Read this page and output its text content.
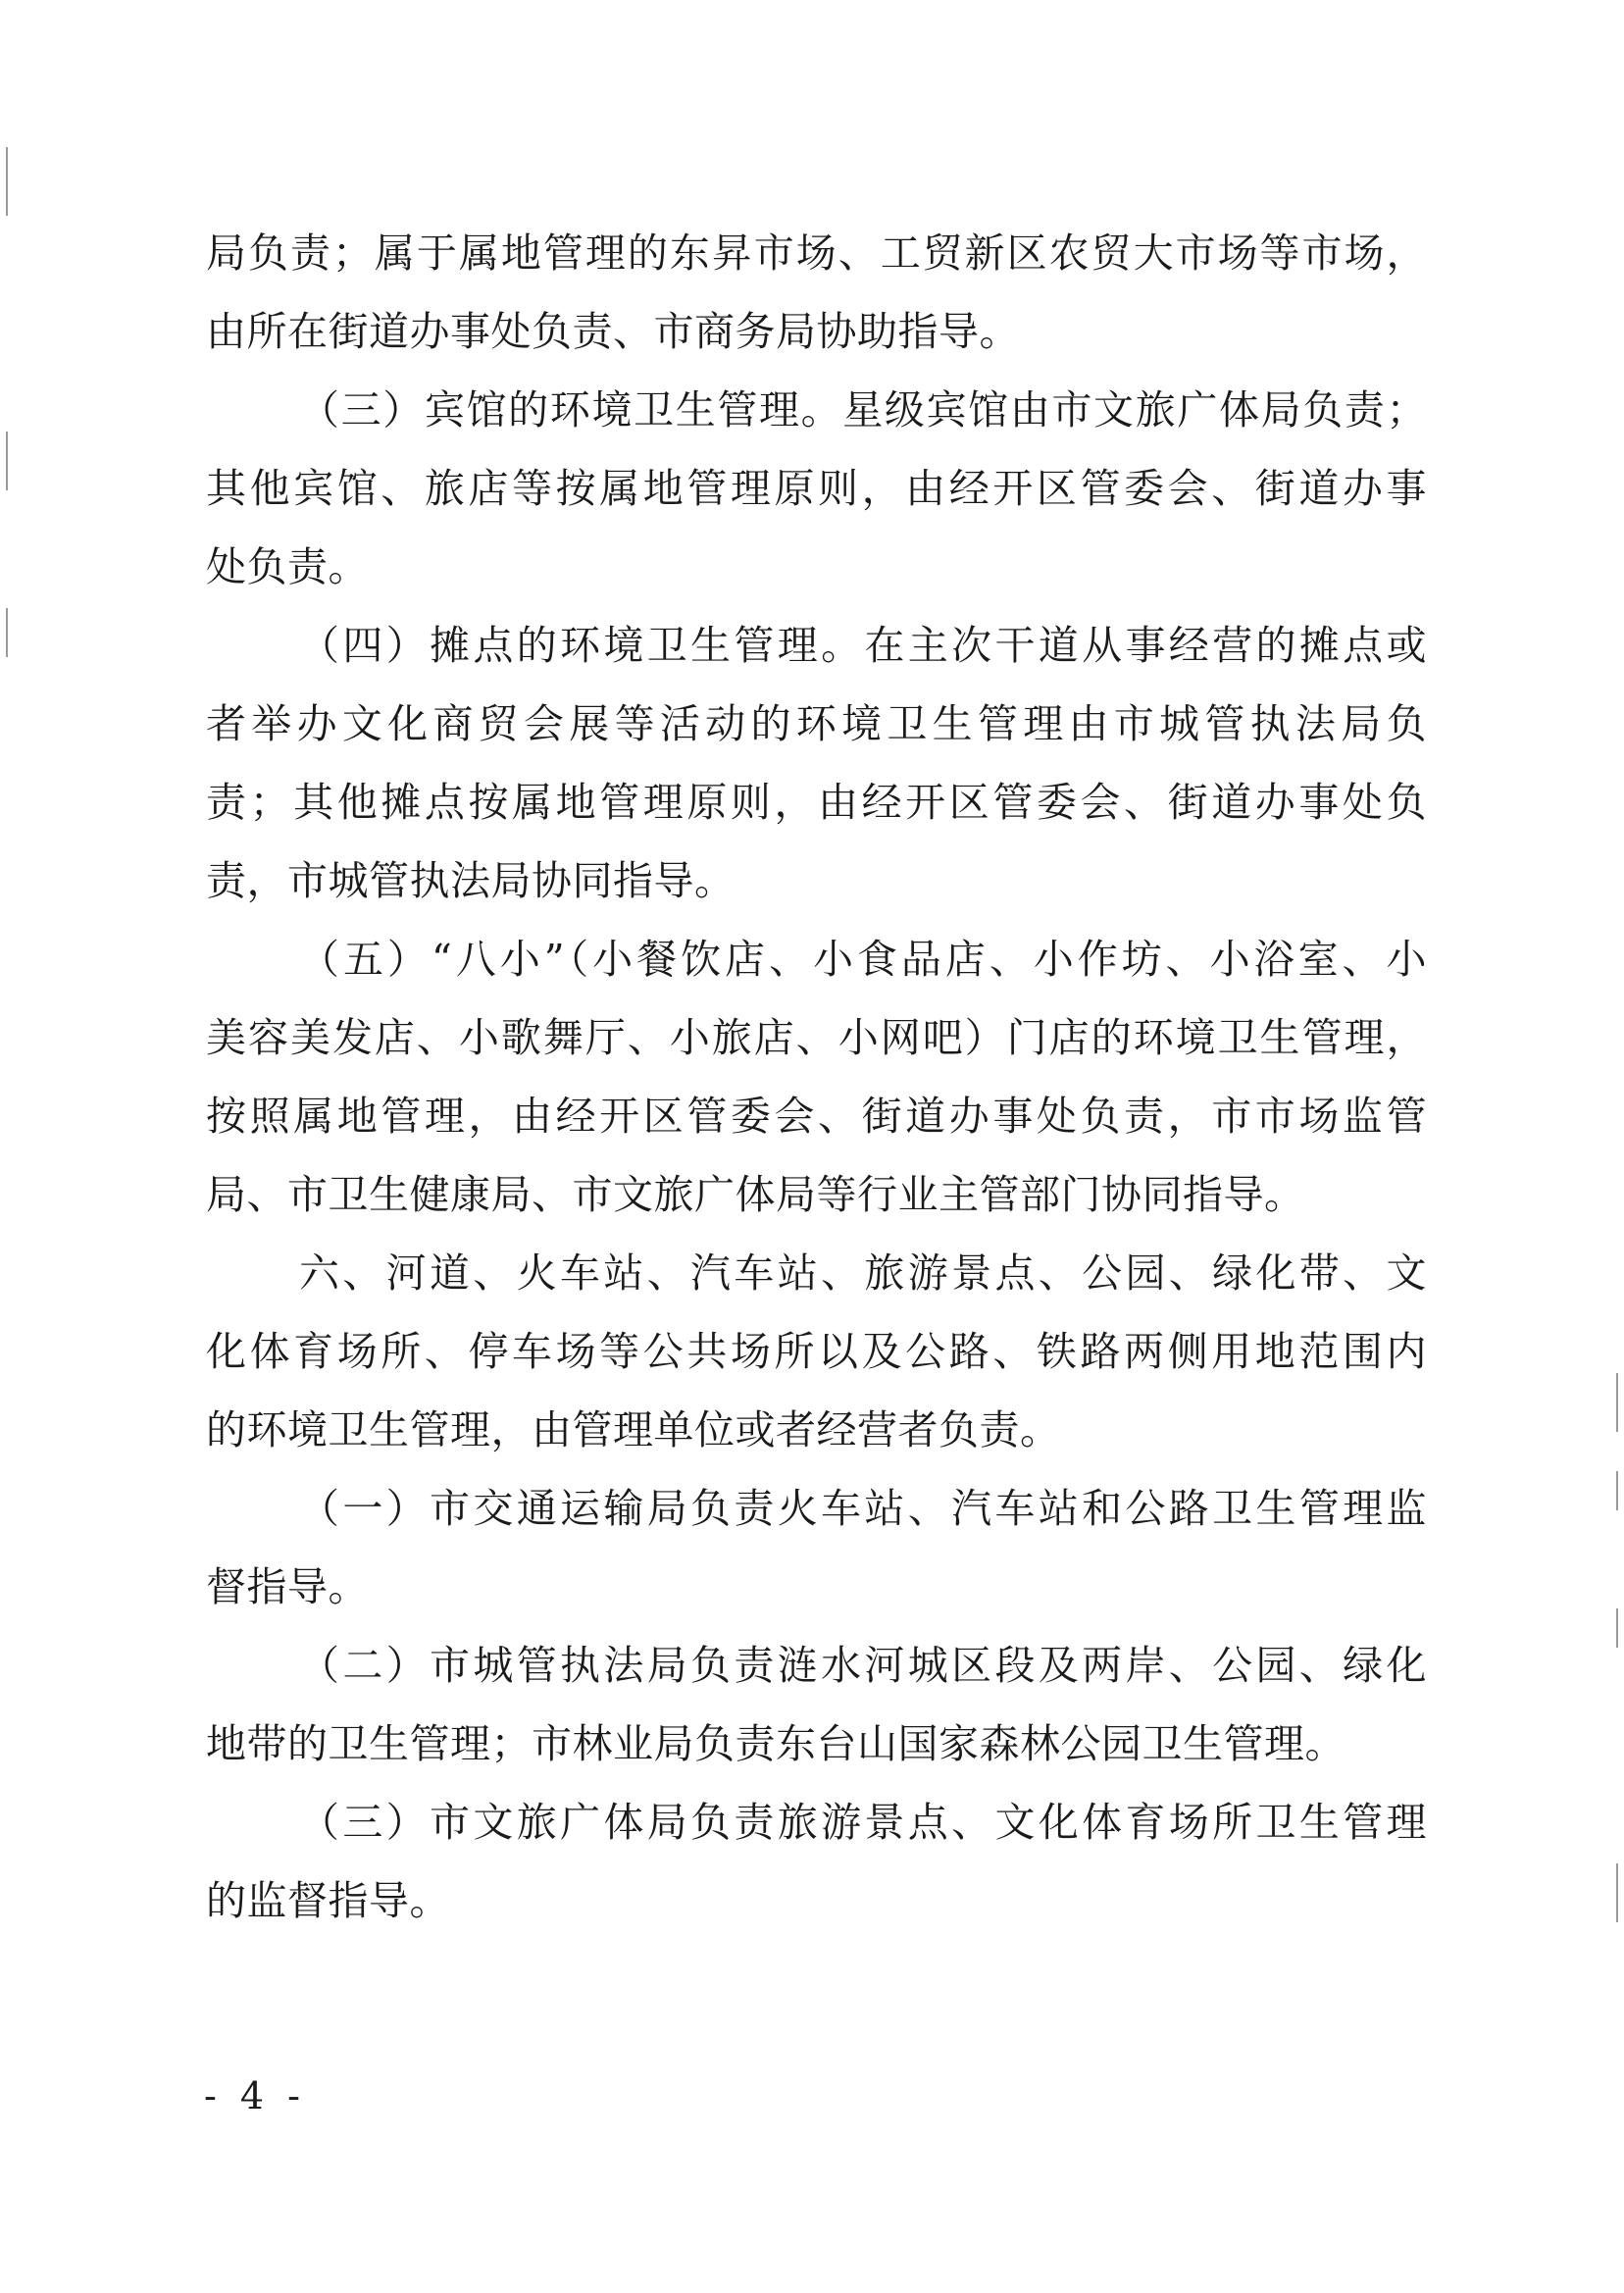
局负责；属于属地管理的东昇市场、工贸新区农贸大市场等市场，
由所在街道办事处负责、市商务局协助指导。
（三）宾馆的环境卫生管理。星级宾馆由市文旅广体局负责；
其他宾馆、旅店等按属地管理原则，由经开区管委会、街道办事
处负责。
（四）摊点的环境卫生管理。在主次干道从事经营的摊点或
者举办文化商贸会展等活动的环境卫生管理由市城管执法局负
责；其他摊点按属地管理原则，由经开区管委会、街道办事处负
责，市城管执法局协同指导。
（五）“八小”（小餐饮店、小食品店、小作坊、小浴室、小
美容美发店、小歌舞厅、小旅店、小网吧）门店的环境卫生管理，
按照属地管理，由经开区管委会、街道办事处负责，市市场监管
局、市卫生健康局、市文旅广体局等行业主管部门协同指导。
六、河道、火车站、汽车站、旅游景点、公园、绿化带、文
化体育场所、停车场等公共场所以及公路、铁路两侧用地范围内
的环境卫生管理，由管理单位或者经营者负责。
（一）市交通运输局负责火车站、汽车站和公路卫生管理监
督指导。
（二）市城管执法局负责涟水河城区段及两岸、公园、绿化
地带的卫生管理；市林业局负责东台山国家森林公园卫生管理。
（三）市文旅广体局负责旅游景点、文化体育场所卫生管理
的监督指导。
- 4 -
